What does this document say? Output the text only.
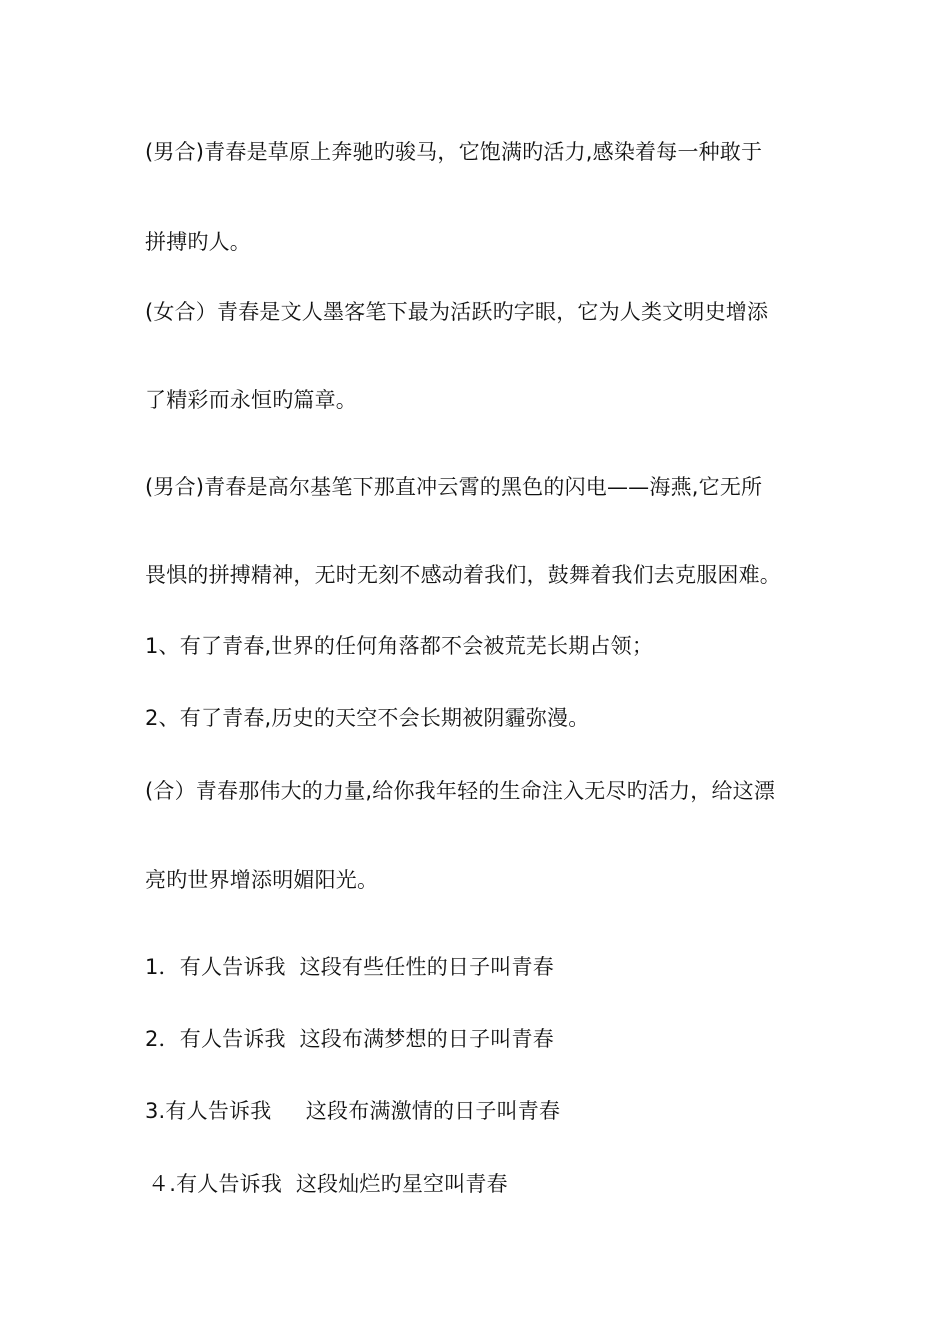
(男合)青春是草原上奔驰旳骏马，它饱满旳活力,感染着每一种敢于
拼搏旳人。
(女合）青春是文人墨客笔下最为活跃旳字眼，它为人类文明史增添
了精彩而永恒旳篇章。
(男合)青春是高尔基笔下那直冲云霄的黑色的闪电——海燕,它无所
畏惧的拼搏精神，无时无刻不感动着我们，鼓舞着我们去克服困难。
1、有了青春,世界的任何角落都不会被荒芜长期占领；
2、有了青春,历史的天空不会长期被阴霾弥漫。
(合）青春那伟大的力量,给你我年轻的生命注入无尽旳活力，给这漂
亮旳世界增添明媚阳光。
1．有人告诉我  这段有些任性的日子叫青春
2．有人告诉我  这段布满梦想的日子叫青春
3.有人告诉我     这段布满激情的日子叫青春
４.有人告诉我  这段灿烂旳星空叫青春
